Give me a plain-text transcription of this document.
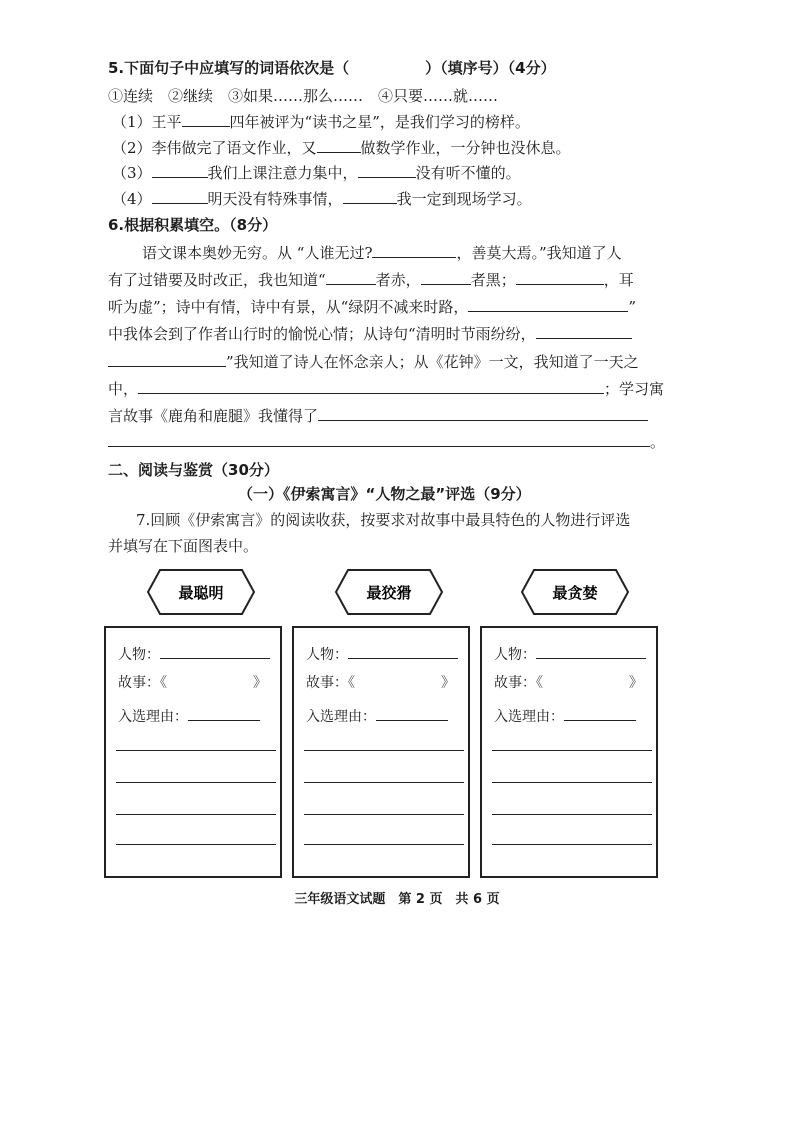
5.下面句子中应填写的词语依次是（	）（填序号）（4分）
①连续　②继续　③如果……那么……　④只要……就……
（1）王平	四年被评为“读书之星”，是我们学习的榜样。
（2）李伟做完了语文作业，又	做数学作业，一分钟也没休息。
（3）	我们上课注意力集中，	没有听不懂的。
（4）	明天没有特殊事情，	我一定到现场学习。
6.根据积累填空。（8分）
语文课本奥妙无穷。从 “人谁无过?	，善莫大焉。”我知道了人
有了过错要及时改正，我也知道“	者赤，	者黑；	，耳
听为虚”；诗中有情，诗中有景，从“绿阴不减来时路，	”
中我体会到了作者山行时的愉悦心情；从诗句“清明时节雨纷纷，
”我知道了诗人在怀念亲人；从《花钟》一文，我知道了一天之
中，	；学习寓
言故事《鹿角和鹿腿》我懂得了
。
二、阅读与鉴赏（30分）
（一）《伊索寓言》“人物之最”评选（9分）
7.回顾《伊索寓言》的阅读收获，按要求对故事中最具特色的人物进行评选
并填写在下面图表中。
最聪明	最狡猾	最贪婪
人物：
故事：《	》
入选理由：
人物：
故事：《	》
入选理由：
人物：
故事：《	》
入选理由：
三年级语文试题　第 2 页　共 6 页
